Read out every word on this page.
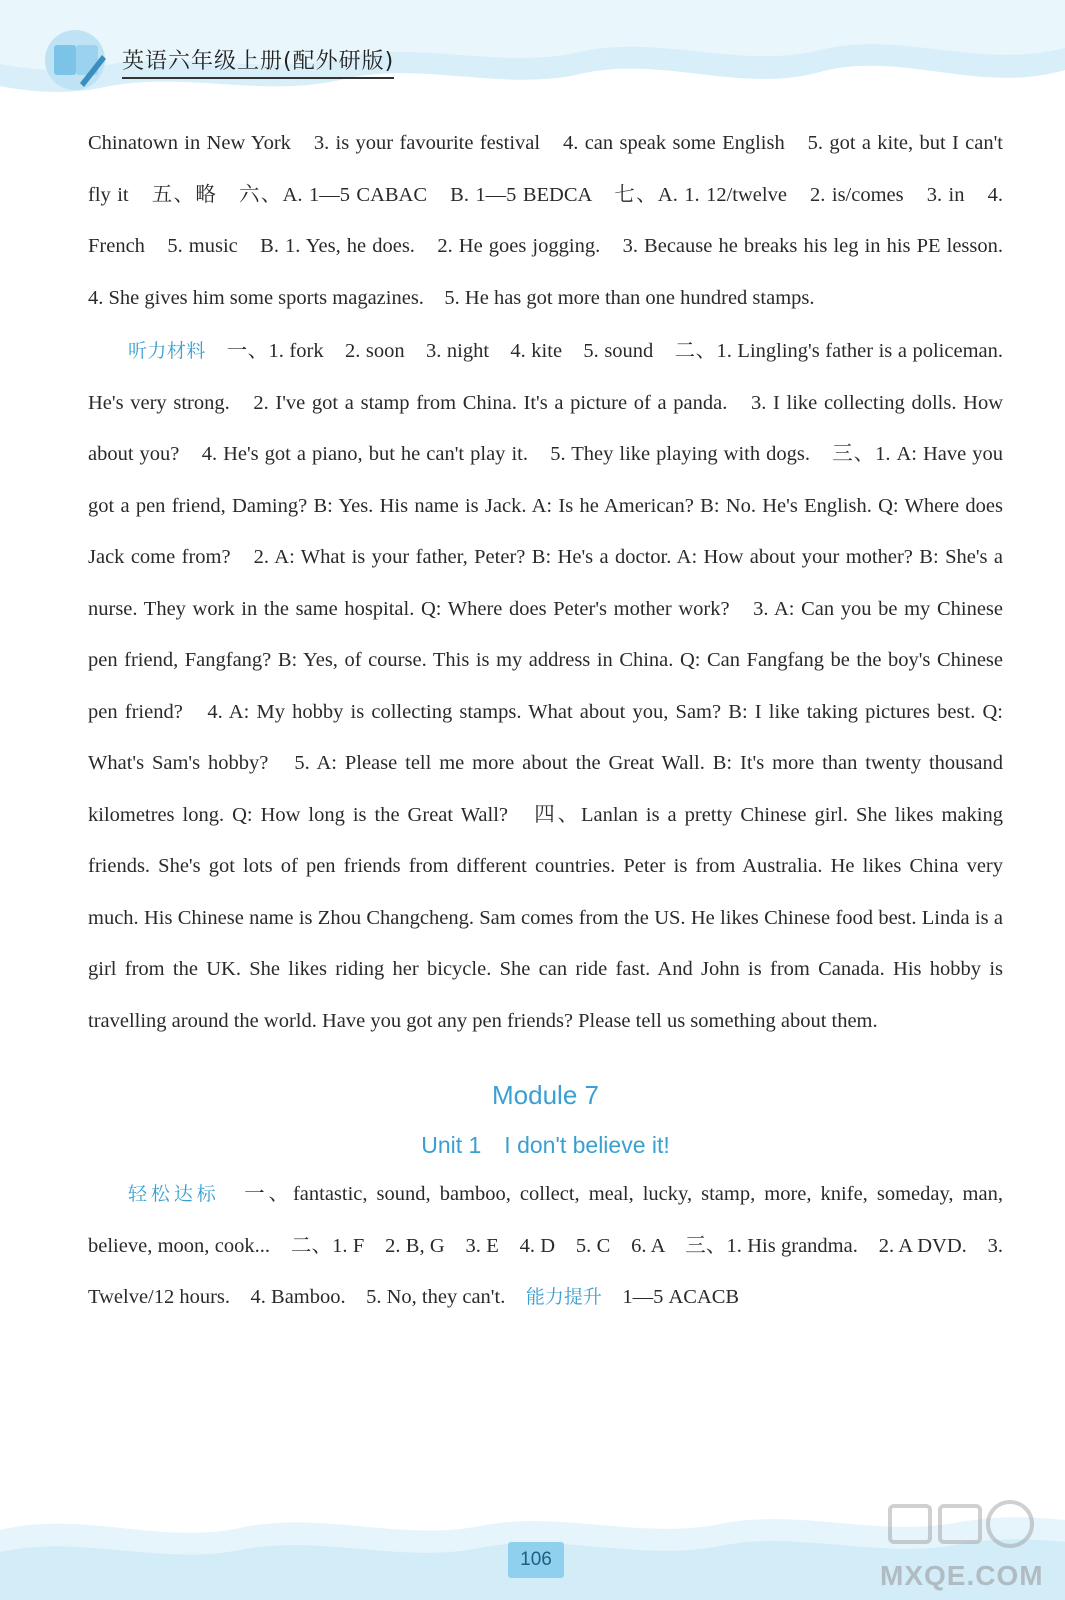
英语六年级上册(配外研版)

Chinatown in New York　3. is your favourite festival　4. can speak some English　5. got a kite, but I can't fly it　五、略　六、A. 1—5 CABAC　B. 1—5 BEDCA　七、A. 1. 12/twelve　2. is/comes　3. in　4. French　5. music　B. 1. Yes, he does.　2. He goes jogging.　3. Because he breaks his leg in his PE lesson.　4. She gives him some sports magazines.　5. He has got more than one hundred stamps.

听力材料　 一、1. fork　2. soon　3. night　4. kite　5. sound　二、1. Lingling's father is a policeman. He's very strong.　2. I've got a stamp from China. It's a picture of a panda.　3. I like collecting dolls. How about you?　4. He's got a piano, but he can't play it.　5. They like playing with dogs.　三、1. A: Have you got a pen friend, Daming? B: Yes. His name is Jack. A: Is he American? B: No. He's English. Q: Where does Jack come from?　2. A: What is your father, Peter? B: He's a doctor. A: How about your mother? B: She's a nurse. They work in the same hospital. Q: Where does Peter's mother work?　3. A: Can you be my Chinese pen friend, Fangfang? B: Yes, of course. This is my address in China. Q: Can Fangfang be the boy's Chinese pen friend?　4. A: My hobby is collecting stamps. What about you, Sam? B: I like taking pictures best. Q: What's Sam's hobby?　5. A: Please tell me more about the Great Wall. B: It's more than twenty thousand kilometres long. Q: How long is the Great Wall?　四、Lanlan is a pretty Chinese girl. She likes making friends. She's got lots of pen friends from different countries. Peter is from Australia. He likes China very much. His Chinese name is Zhou Changcheng. Sam comes from the US. He likes Chinese food best. Linda is a girl from the UK. She likes riding her bicycle. She can ride fast. And John is from Canada. His hobby is travelling around the world. Have you got any pen friends? Please tell us something about them.

Module 7
Unit 1　I don't believe it!

轻松达标　 一、fantastic, sound, bamboo, collect, meal, lucky, stamp, more, knife, someday, man, believe, moon, cook...　二、1. F　2. B, G　3. E　4. D　5. C　6. A　三、1. His grandma.　2. A DVD.　3. Twelve/12 hours.　4. Bamboo.　5. No, they can't.　 能力提升　 1—5 ACACB

106
MXQE.COM
